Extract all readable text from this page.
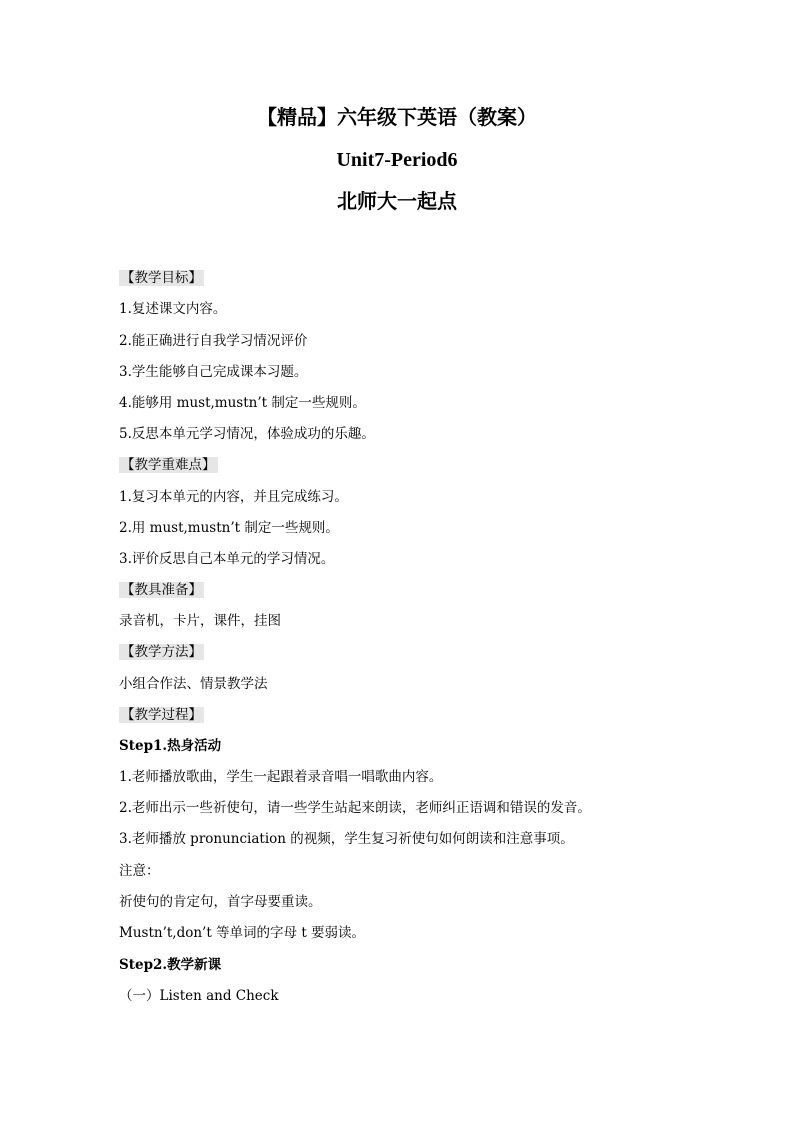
【精品】六年级下英语（教案）
Unit7-Period6
北师大一起点
【教学目标】
1.复述课文内容。
2.能正确进行自我学习情况评价
3.学生能够自己完成课本习题。
4.能够用 must,mustn’t 制定一些规则。
5.反思本单元学习情况，体验成功的乐趣。
【教学重难点】
1.复习本单元的内容，并且完成练习。
2.用 must,mustn’t 制定一些规则。
3.评价反思自己本单元的学习情况。
【教具准备】
录音机，卡片，课件，挂图
【教学方法】
小组合作法、情景教学法
【教学过程】
Step1.热身活动
1.老师播放歌曲，学生一起跟着录音唱一唱歌曲内容。
2.老师出示一些祈使句，请一些学生站起来朗读，老师纠正语调和错误的发音。
3.老师播放 pronunciation 的视频，学生复习祈使句如何朗读和注意事项。
注意：
祈使句的肯定句，首字母要重读。
Mustn’t,don’t 等单词的字母 t 要弱读。
Step2.教学新课
（一）Listen and Check
